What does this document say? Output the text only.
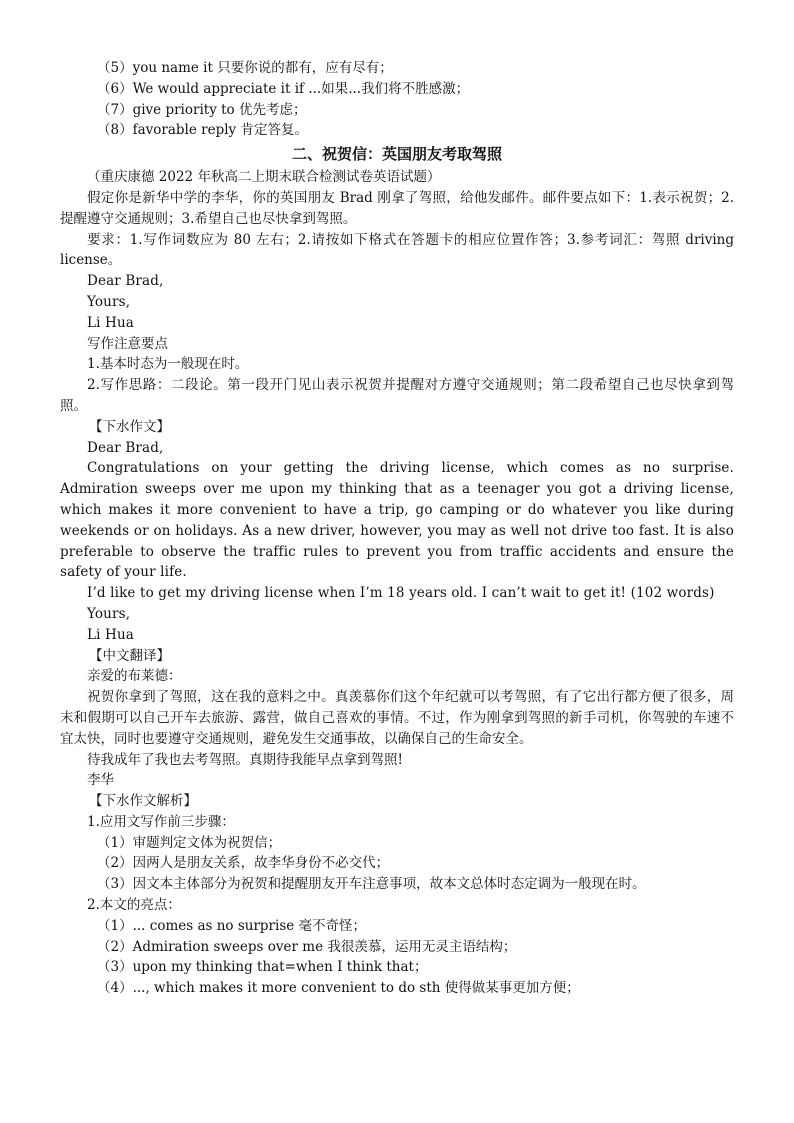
（5）you name it 只要你说的都有，应有尽有；

（6）We would appreciate it if ...如果...我们将不胜感激；

（7）give priority to 优先考虑；

（8）favorable reply 肯定答复。

二、祝贺信：英国朋友考取驾照

（重庆康德 2022 年秋高二上期末联合检测试卷英语试题）

假定你是新华中学的李华，你的英国朋友 Brad 刚拿了驾照，给他发邮件。邮件要点如下：1.表示祝贺；2.提醒遵守交通规则；3.希望自己也尽快拿到驾照。

要求：1.写作词数应为 80 左右；2.请按如下格式在答题卡的相应位置作答；3.参考词汇：驾照 driving license。

Dear Brad,

Yours,

Li Hua

写作注意要点

1.基本时态为一般现在时。

2.写作思路：二段论。第一段开门见山表示祝贺并提醒对方遵守交通规则；第二段希望自己也尽快拿到驾照。

【下水作文】

Dear Brad,

Congratulations on your getting the driving license, which comes as no surprise. Admiration sweeps over me upon my thinking that as a teenager you got a driving license, which makes it more convenient to have a trip, go camping or do whatever you like during weekends or on holidays. As a new driver, however, you may as well not drive too fast. It is also preferable to observe the traffic rules to prevent you from traffic accidents and ensure the safety of your life.

I’d like to get my driving license when I’m 18 years old. I can’t wait to get it! (102 words)

Yours,

Li Hua

【中文翻译】

亲爱的布莱德：

祝贺你拿到了驾照，这在我的意料之中。真羡慕你们这个年纪就可以考驾照，有了它出行都方便了很多，周末和假期可以自己开车去旅游、露营，做自己喜欢的事情。不过，作为刚拿到驾照的新手司机，你驾驶的车速不宜太快，同时也要遵守交通规则，避免发生交通事故，以确保自己的生命安全。

待我成年了我也去考驾照。真期待我能早点拿到驾照!

李华

【下水作文解析】

1.应用文写作前三步骤：

（1）审题判定文体为祝贺信；

（2）因两人是朋友关系，故李华身份不必交代；

（3）因文本主体部分为祝贺和提醒朋友开车注意事项，故本文总体时态定调为一般现在时。

2.本文的亮点：

（1）... comes as no surprise 毫不奇怪；

（2）Admiration sweeps over me 我很羡慕，运用无灵主语结构；

（3）upon my thinking that=when I think that；

（4）..., which makes it more convenient to do sth 使得做某事更加方便；
